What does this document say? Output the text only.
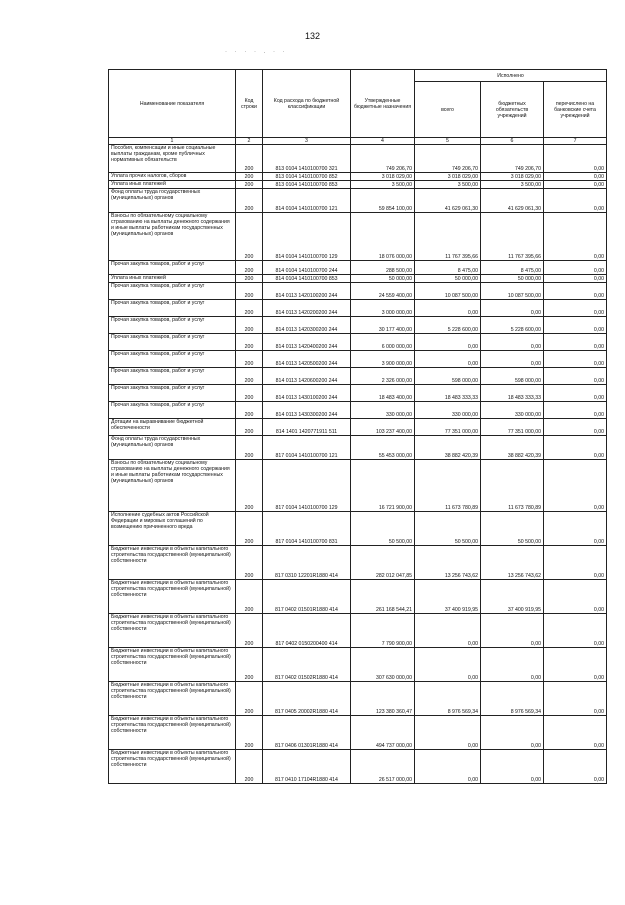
132
· · · · . · ·
Наименование показателя	Код строки	Код расхода по бюджетной классификации	Утвержденные бюджетные назначения	Исполнено		
				всего	бюджетных обязательств учреждений	перечислено на банковские счета учреждений
1	2	3	4	5	6	7
Пособия, компенсации и иные социальные выплаты гражданам, кроме публичных нормативных обязательств	200	813 0104 1410100700 321	749 206,70	749 206,70	749 206,70	0,00
Уплата прочих налогов, сборов	200	813 0104 1410100700 852	3 018 029,00	3 018 029,00	3 018 029,00	0,00
Уплата иных платежей	200	813 0104 1410100700 853	3 500,00	3 500,00	3 500,00	0,00
Фонд оплаты труда государственных (муниципальных) органов	200	814 0104 1410100700 121	59 854 100,00	41 629 061,30	41 629 061,30	0,00
Взносы по обязательному социальному страхованию на выплаты денежного содержания и иные выплаты работникам государственных (муниципальных) органов	200	814 0104 1410100700 129	18 076 000,00	11 767 395,66	11 767 395,66	0,00
Прочая закупка товаров, работ и услуг	200	814 0104 1410100700 244	288 500,00	8 475,00	8 475,00	0,00
Уплата иных платежей	200	814 0104 1410100700 853	50 000,00	50 000,00	50 000,00	0,00
Прочая закупка товаров, работ и услуг	200	814 0113 1420100200 244	24 559 400,00	10 087 500,00	10 087 500,00	0,00
Прочая закупка товаров, работ и услуг	200	814 0113 1420200200 244	3 000 000,00	0,00	0,00	0,00
Прочая закупка товаров, работ и услуг	200	814 0113 1420300200 244	30 177 400,00	5 228 600,00	5 228 600,00	0,00
Прочая закупка товаров, работ и услуг	200	814 0113 1420400200 244	6 000 000,00	0,00	0,00	0,00
Прочая закупка товаров, работ и услуг	200	814 0113 1420500200 244	3 900 000,00	0,00	0,00	0,00
Прочая закупка товаров, работ и услуг	200	814 0113 1420600200 244	2 326 000,00	598 000,00	598 000,00	0,00
Прочая закупка товаров, работ и услуг	200	814 0113 1430100200 244	18 483 400,00	18 483 333,33	18 483 333,33	0,00
Прочая закупка товаров, работ и услуг	200	814 0113 1430300200 244	330 000,00	330 000,00	330 000,00	0,00
Дотации на выравнивание бюджетной обеспеченности	200	814 1401 1420771911 511	103 237 400,00	77 351 000,00	77 351 000,00	0,00
Фонд оплаты труда государственных (муниципальных) органов	200	817 0104 1410100700 121	55 453 000,00	38 882 420,39	38 882 420,39	0,00
Взносы по обязательному социальному страхованию на выплаты денежного содержания и иные выплаты работникам государственных (муниципальных) органов	200	817 0104 1410100700 129	16 721 900,00	11 673 780,89	11 673 780,89	0,00
Исполнение судебных актов Российской Федерации и мировых соглашений по возмещению причиненного вреда	200	817 0104 1410100700 831	50 500,00	50 500,00	50 500,00	0,00
Бюджетные инвестиции в объекты капитального строительства государственной (муниципальной) собственности	200	817 0310 12201R1880 414	282 012 047,85	13 256 743,62	13 256 743,62	0,00
Бюджетные инвестиции в объекты капитального строительства государственной (муниципальной) собственности	200	817 0402 01501R1880 414	261 168 544,21	37 400 919,95	37 400 919,95	0,00
Бюджетные инвестиции в объекты капитального строительства государственной (муниципальной) собственности	200	817 0402 0150200400 414	7 790 900,00	0,00	0,00	0,00
Бюджетные инвестиции в объекты капитального строительства государственной (муниципальной) собственности	200	817 0402 01502R1880 414	307 630 000,00	0,00	0,00	0,00
Бюджетные инвестиции в объекты капитального строительства государственной (муниципальной) собственности	200	817 0405 20002R1880 414	123 380 360,47	8 976 569,34	8 976 569,34	0,00
Бюджетные инвестиции в объекты капитального строительства государственной (муниципальной) собственности	200	817 0406 01301R1880 414	494 737 000,00	0,00	0,00	0,00
Бюджетные инвестиции в объекты капитального строительства государственной (муниципальной) собственности	200	817 0410 17104R1880 414	26 517 000,00	0,00	0,00	0,00
